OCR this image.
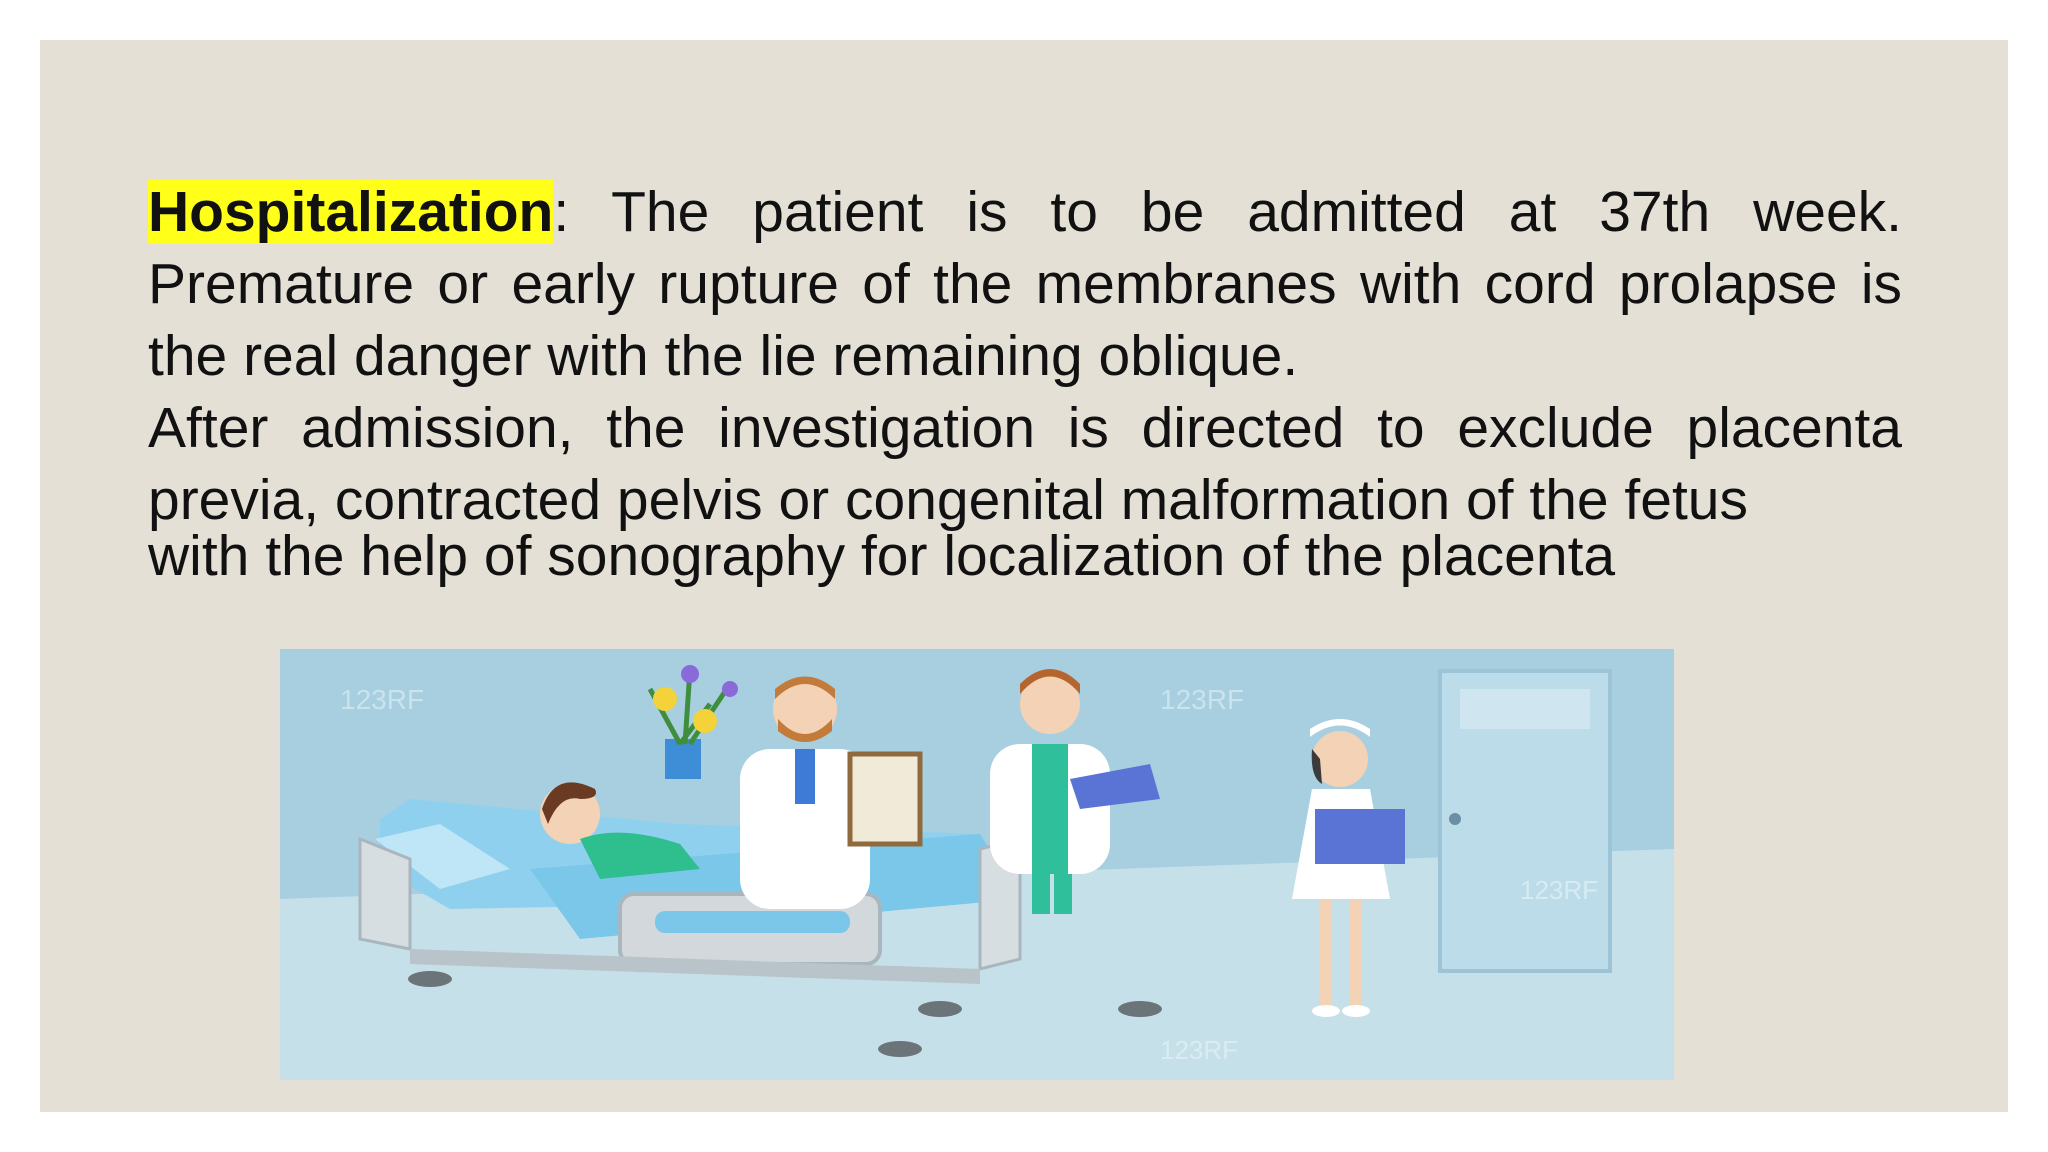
Hospitalization: The patient is to be admitted at 37th week. Premature or early rupture of the membranes with cord prolapse is the real danger with the lie remaining oblique.

After admission, the investigation is directed to exclude placenta previa, contracted pelvis or congenital malformation of the fetus
with the help of sonography for localization of the placenta

123RF	123RF
123RF
123RF
